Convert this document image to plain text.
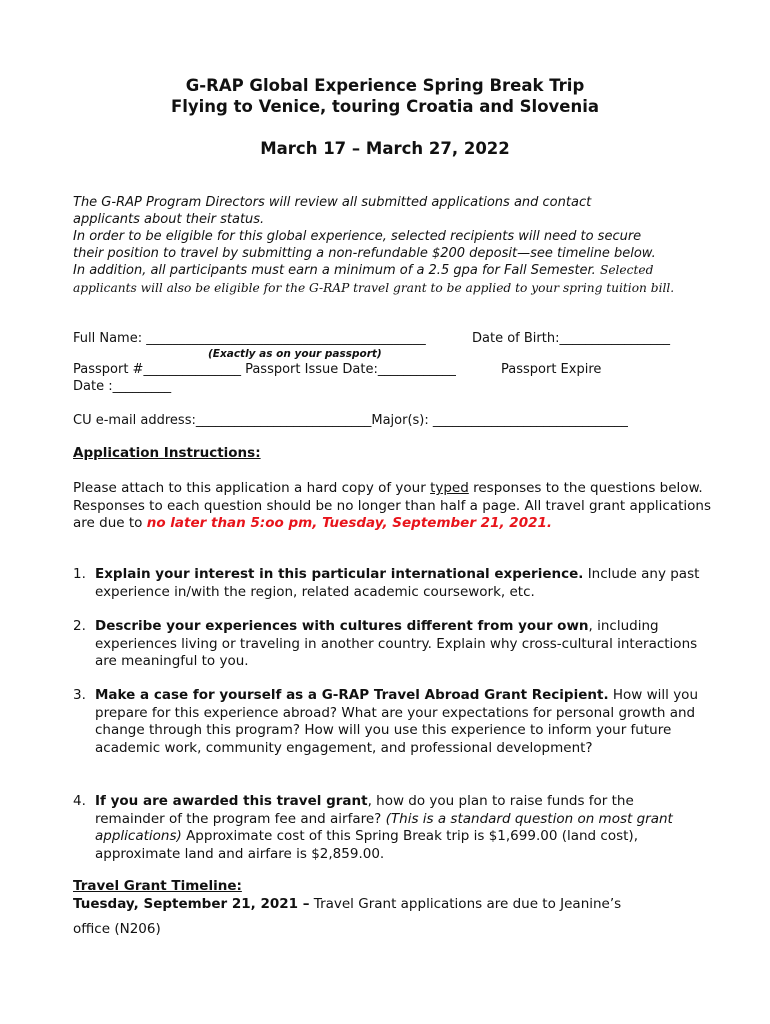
G-RAP Global Experience Spring Break Trip
Flying to Venice, touring Croatia and Slovenia
March 17 – March 27, 2022
The G-RAP Program Directors will review all submitted applications and contact
applicants about their status.
In order to be eligible for this global experience, selected recipients will need to secure
their position to travel by submitting a non-refundable $200 deposit—see timeline below.
In addition, all participants must earn a minimum of a 2.5 gpa for Fall Semester. Selected
applicants will also be eligible for the G-RAP travel grant to be applied to your spring tuition bill.
Full Name: ___________________________________________	Date of Birth:_________________
(Exactly as on your passport)
Passport #_______________ Passport Issue Date:____________	Passport Expire
Date :_________
CU e-mail address:___________________________Major(s): ______________________________
Application Instructions:
Please attach to this application a hard copy of your typed responses to the questions below. Responses to each question should be no longer than half a page. All travel grant applications are due to no later than 5:oo pm, Tuesday, September 21, 2021.
1. Explain your interest in this particular international experience. Include any past experience in/with the region, related academic coursework, etc.
2. Describe your experiences with cultures different from your own, including experiences living or traveling in another country. Explain why cross-cultural interactions are meaningful to you.
3. Make a case for yourself as a G-RAP Travel Abroad Grant Recipient. How will you prepare for this experience abroad? What are your expectations for personal growth and change through this program? How will you use this experience to inform your future academic work, community engagement, and professional development?
4. If you are awarded this travel grant, how do you plan to raise funds for the remainder of the program fee and airfare? (This is a standard question on most grant applications) Approximate cost of this Spring Break trip is $1,699.00 (land cost), approximate land and airfare is $2,859.00.
Travel Grant Timeline:
Tuesday, September 21, 2021 – Travel Grant applications are due to Jeanine’s
office (N206)
